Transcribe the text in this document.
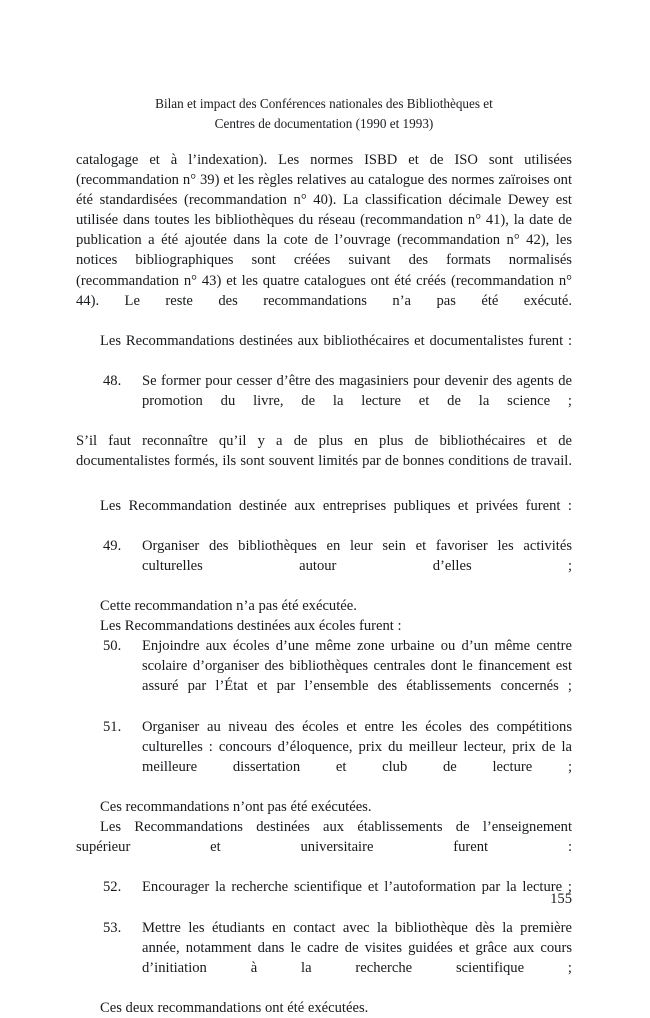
Bilan et impact des Conférences nationales des Bibliothèques et
Centres de documentation (1990 et 1993)

catalogage et à l’indexation). Les normes ISBD et de ISO sont utilisées (recommandation n° 39) et les règles relatives au catalogue des normes zaïroises ont été standardisées (recommandation n° 40). La classification décimale Dewey est utilisée dans toutes les bibliothèques du réseau (recommandation n° 41), la date de publication a été ajoutée dans la cote de l’ouvrage (recommandation n° 42), les notices bibliographiques sont créées suivant des formats normalisés (recommandation n° 43) et les quatre catalogues ont été créés (recommandation n° 44). Le reste des recommandations n’a pas été exécuté.

Les Recommandations destinées aux bibliothécaires et documentalistes furent :

48.	Se former pour cesser d’être des magasiniers pour devenir des agents de promotion du livre, de la lecture et de la science ;

S’il faut reconnaître qu’il y a de plus en plus de bibliothécaires et de documentalistes formés, ils sont souvent limités par de bonnes conditions de travail.

Les Recommandation destinée aux entreprises publiques et privées furent :

49.	Organiser des bibliothèques en leur sein et favoriser les activités culturelles autour d’elles ;

Cette recommandation n’a pas été exécutée.

Les Recommandations destinées aux écoles furent :

50.	Enjoindre aux écoles d’une même zone urbaine ou d’un même centre scolaire d’organiser des bibliothèques centrales dont le financement est assuré par l’État et par l’ensemble des établissements concernés ;
51.	Organiser au niveau des écoles et entre les écoles des compétitions culturelles : concours d’éloquence, prix du meilleur lecteur, prix de la meilleure dissertation et club de lecture ;

Ces recommandations n’ont pas été exécutées.

Les Recommandations destinées aux établissements de l’enseignement supérieur et universitaire furent :

52.	Encourager la recherche scientifique et l’autoformation par la lecture ;
53.	Mettre les étudiants en contact avec la bibliothèque dès la première année, notamment dans le cadre de visites guidées et grâce aux cours d’initiation à la recherche scientifique ;

Ces deux recommandations ont été exécutées.

155
